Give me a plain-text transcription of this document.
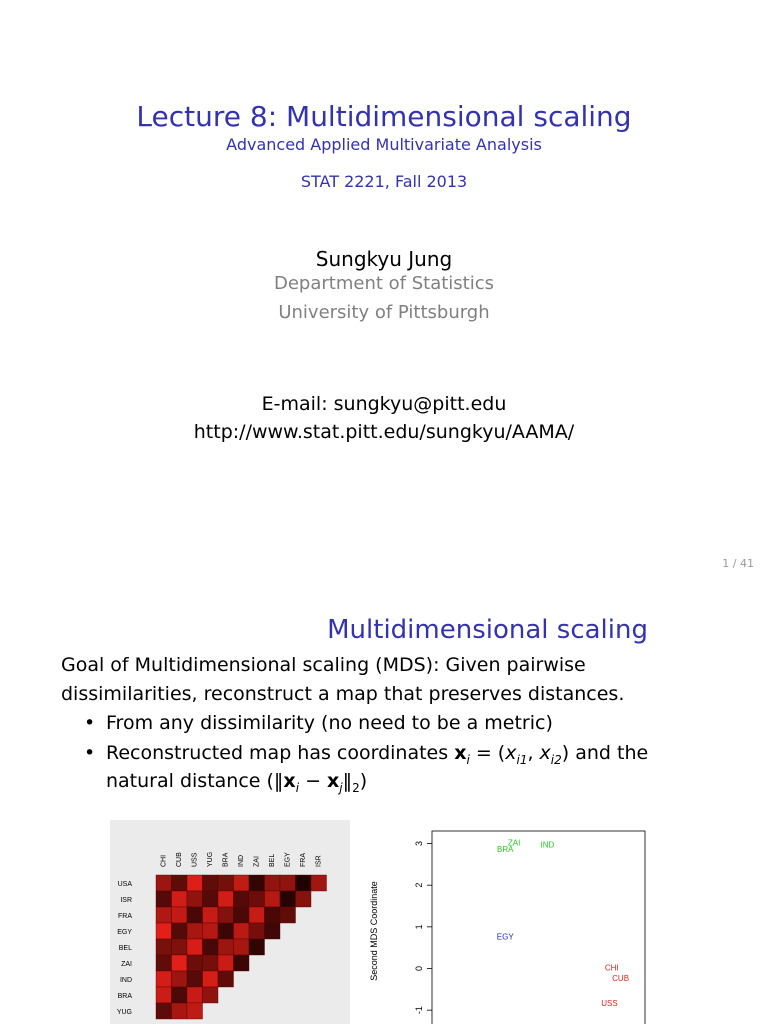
Lecture 8: Multidimensional scaling
Advanced Applied Multivariate Analysis
STAT 2221, Fall 2013
Sungkyu Jung
Department of Statistics
University of Pittsburgh
E-mail: sungkyu@pitt.edu
http://www.stat.pitt.edu/sungkyu/AAMA/
1 / 41
Multidimensional scaling
Goal of Multidimensional scaling (MDS): Given pairwise dissimilarities, reconstruct a map that preserves distances.
• From any dissimilarity (no need to be a metric)
• Reconstructed map has coordinates $x_i = (x_{i1}$, $x_{i2}$) and the
natural distance ($‖x_i$ − $x_j‖_2$)
CHI CUB USS YUG BRA IND ZAI BEL EGY FRA ISR
USA
ISR
FRA
EGY
BEL
ZAI
IND
BRA
YUG
3
2
1
0
-1
Second MDS Coordinate
BRA
ZAI	IND
EGY
CHI
CUB
USS
